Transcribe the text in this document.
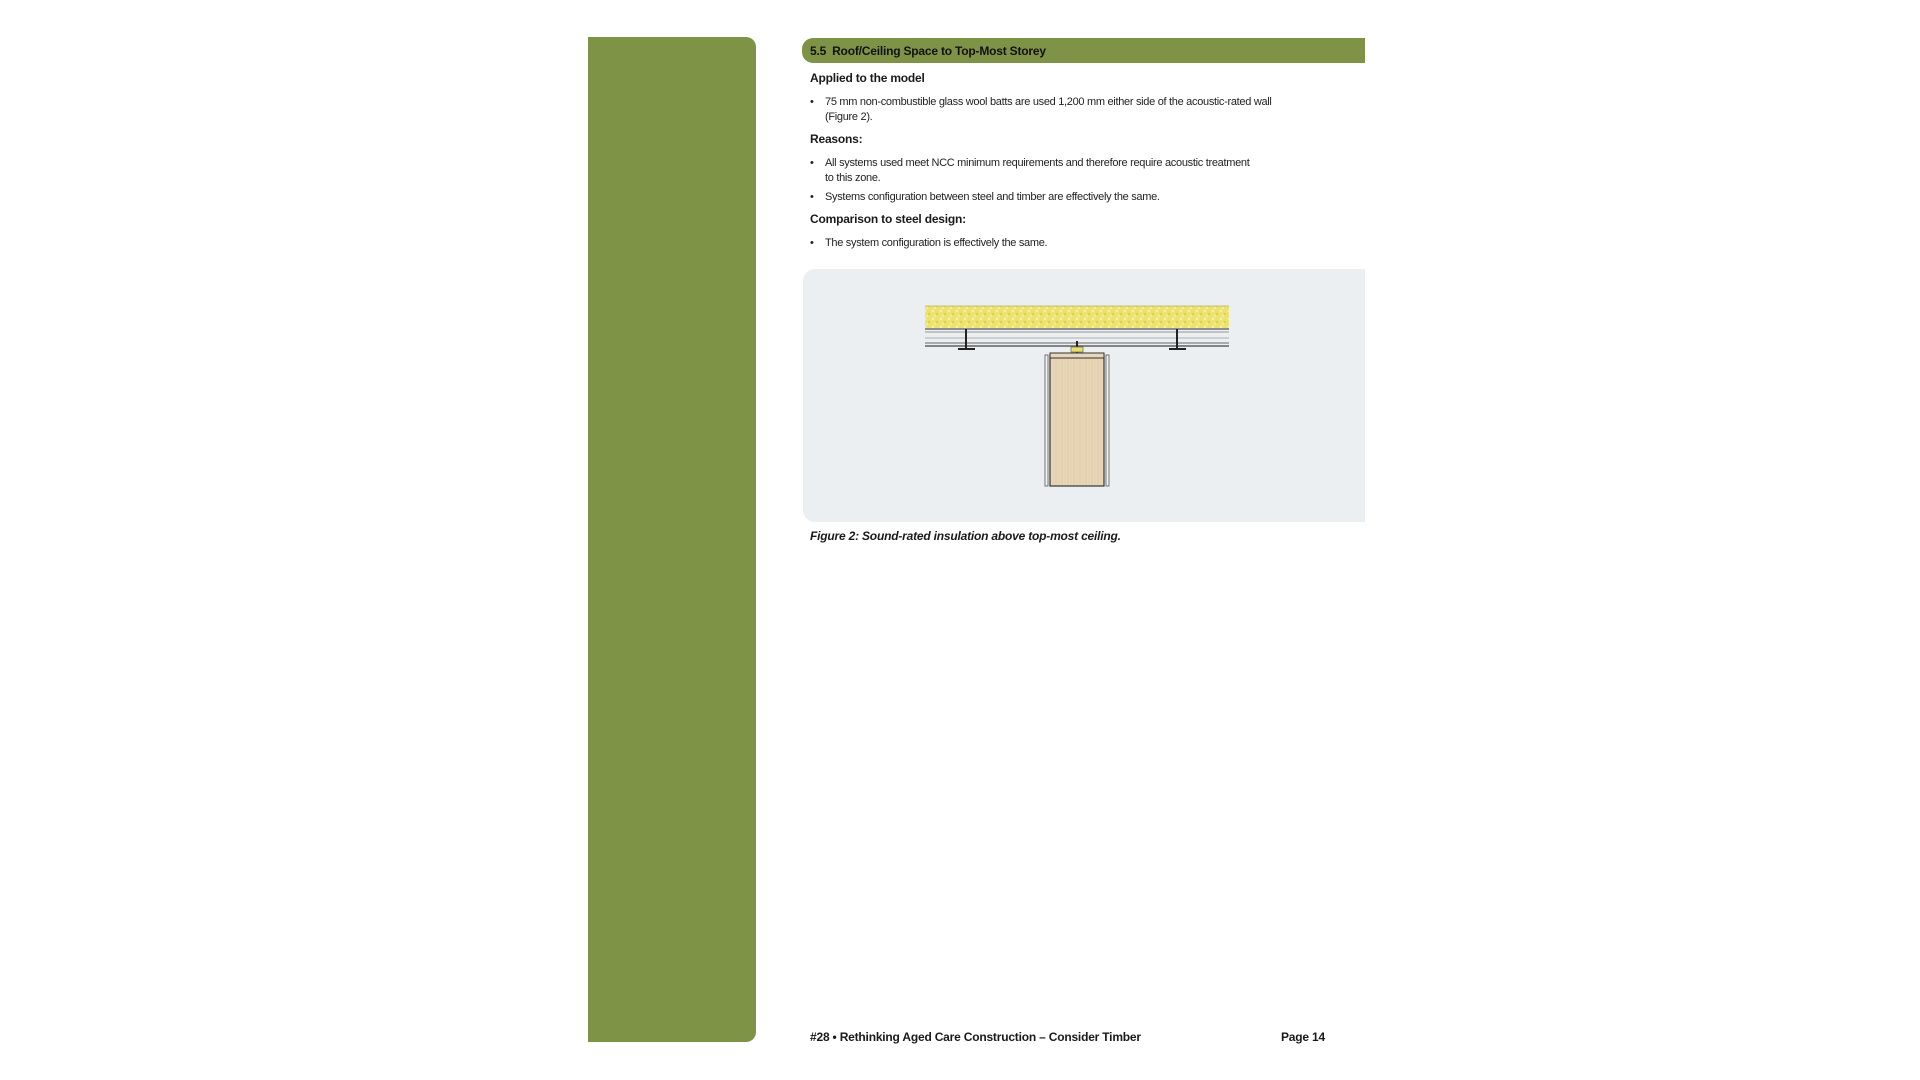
5.5 Roof/Ceiling Space to Top-Most Storey
Applied to the model
• 75 mm non-combustible glass wool batts are used 1,200 mm either side of the acoustic-rated wall
(Figure 2).
Reasons:
• All systems used meet NCC minimum requirements and therefore require acoustic treatment
to this zone.
• Systems configuration between steel and timber are effectively the same.
Comparison to steel design:
• The system configuration is effectively the same.
Figure 2: Sound-rated insulation above top-most ceiling.
#28 • Rethinking Aged Care Construction – Consider Timber	Page 14
